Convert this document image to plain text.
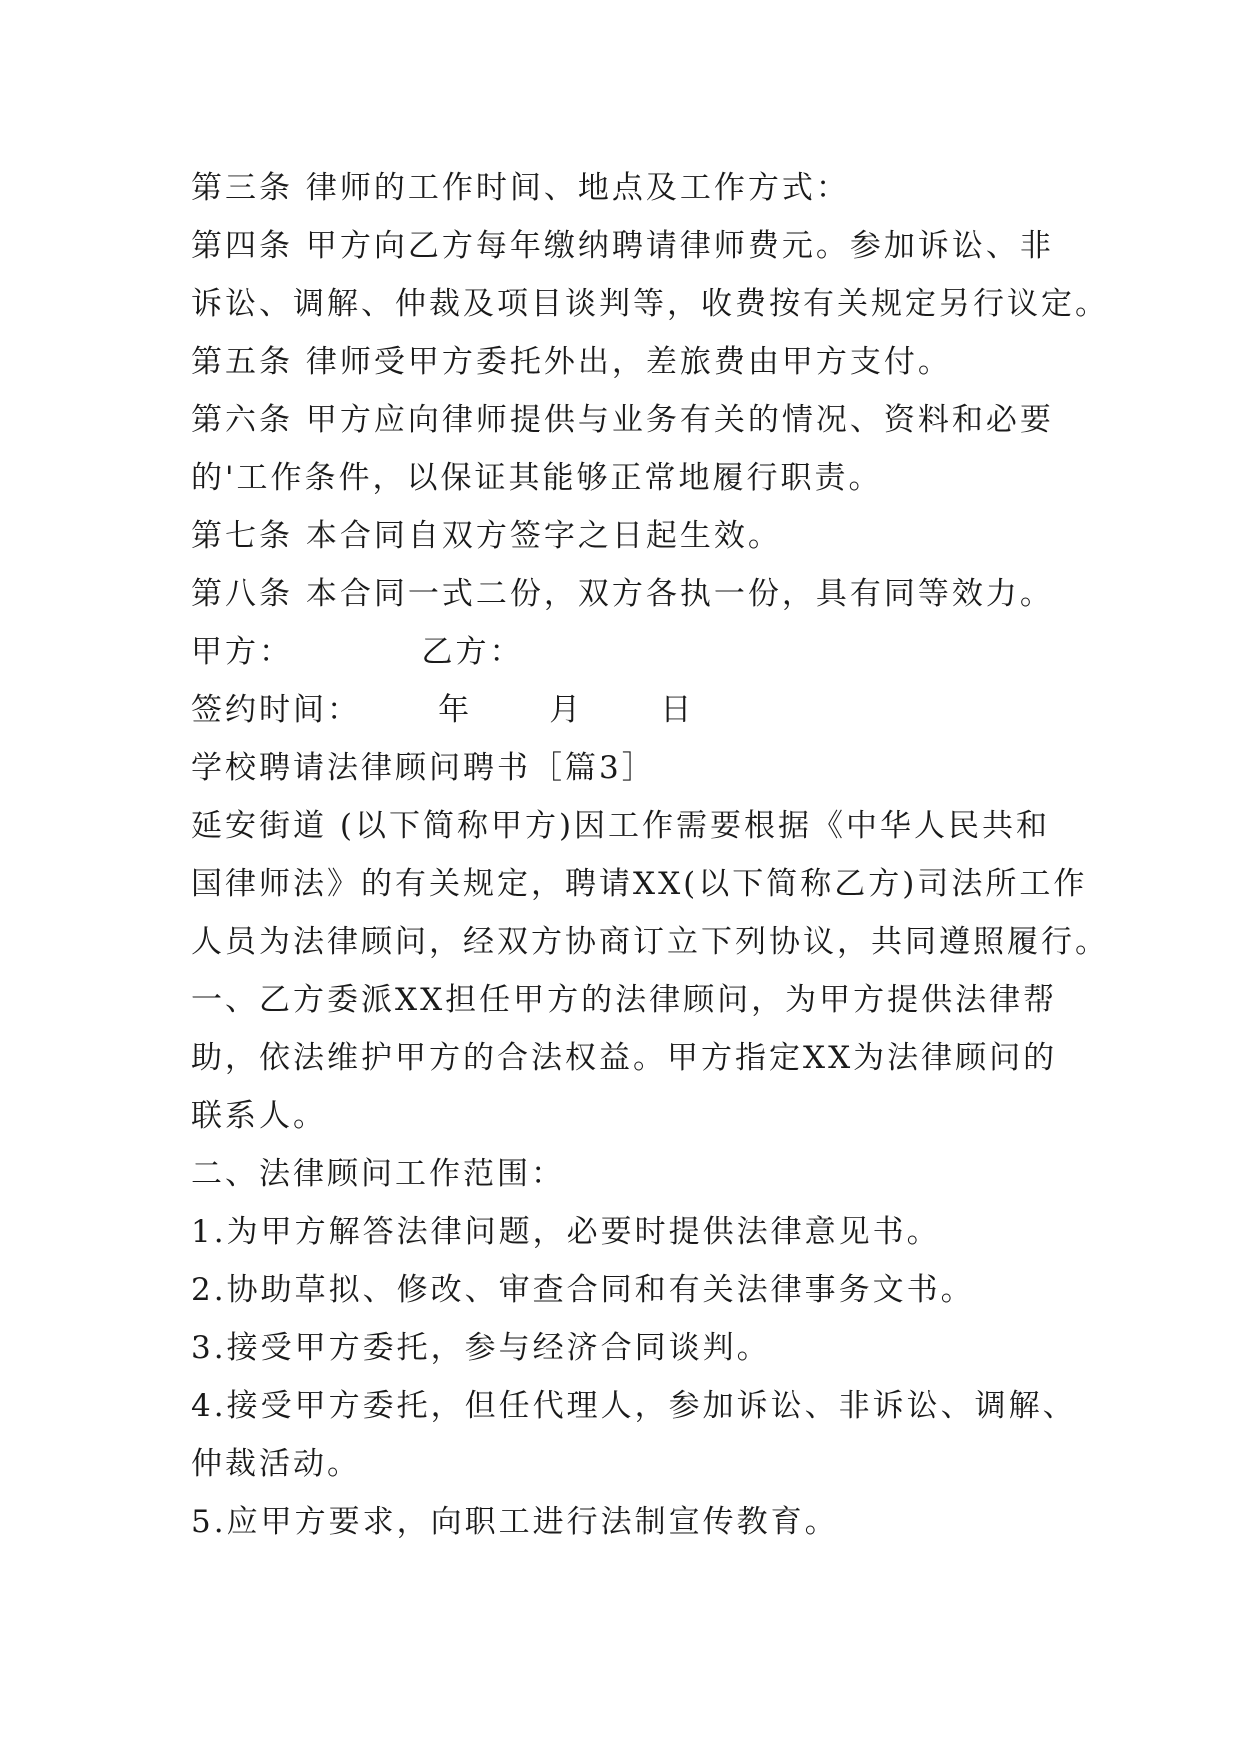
第三条 律师的工作时间、地点及工作方式：
第四条 甲方向乙方每年缴纳聘请律师费元。参加诉讼、非
诉讼、调解、仲裁及项目谈判等，收费按有关规定另行议定。
第五条 律师受甲方委托外出，差旅费由甲方支付。
第六条 甲方应向律师提供与业务有关的情况、资料和必要
的'工作条件，以保证其能够正常地履行职责。
第七条 本合同自双方签字之日起生效。
第八条 本合同一式二份，双方各执一份，具有同等效力。
甲方：          乙方：
签约时间：      年      月      日
学校聘请法律顾问聘书［篇3］
延安街道 (以下简称甲方)因工作需要根据《中华人民共和
国律师法》的有关规定，聘请XX(以下简称乙方)司法所工作
人员为法律顾问，经双方协商订立下列协议，共同遵照履行。
一、乙方委派XX担任甲方的法律顾问，为甲方提供法律帮
助，依法维护甲方的合法权益。甲方指定XX为法律顾问的
联系人。
二、法律顾问工作范围：
1.为甲方解答法律问题，必要时提供法律意见书。
2.协助草拟、修改、审查合同和有关法律事务文书。
3.接受甲方委托，参与经济合同谈判。
4.接受甲方委托，但任代理人，参加诉讼、非诉讼、调解、
仲裁活动。
5.应甲方要求，向职工进行法制宣传教育。
